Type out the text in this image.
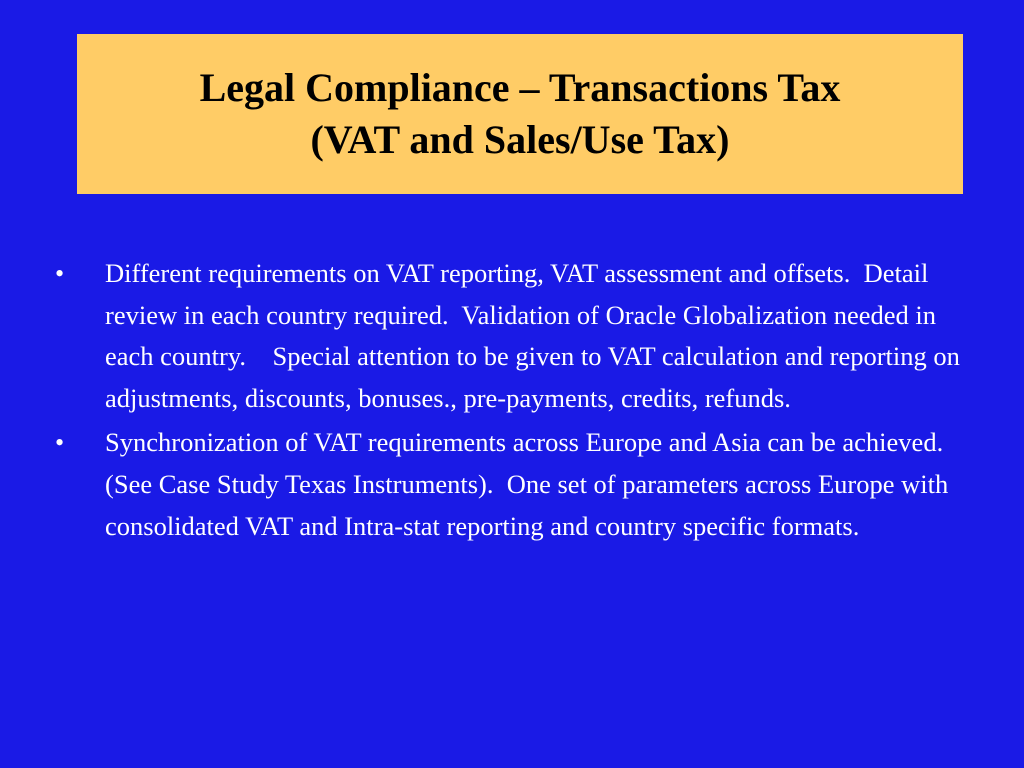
Legal Compliance – Transactions Tax
(VAT and Sales/Use Tax)
•	Different requirements on VAT reporting, VAT assessment and offsets.  Detail review in each country required.  Validation of Oracle Globalization needed in each country.    Special attention to be given to VAT calculation and reporting on adjustments, discounts, bonuses., pre-payments, credits, refunds.
•	Synchronization of VAT requirements across Europe and Asia can be achieved.  (See Case Study Texas Instruments).  One set of parameters across Europe with consolidated VAT and Intra-stat reporting and country specific formats.
